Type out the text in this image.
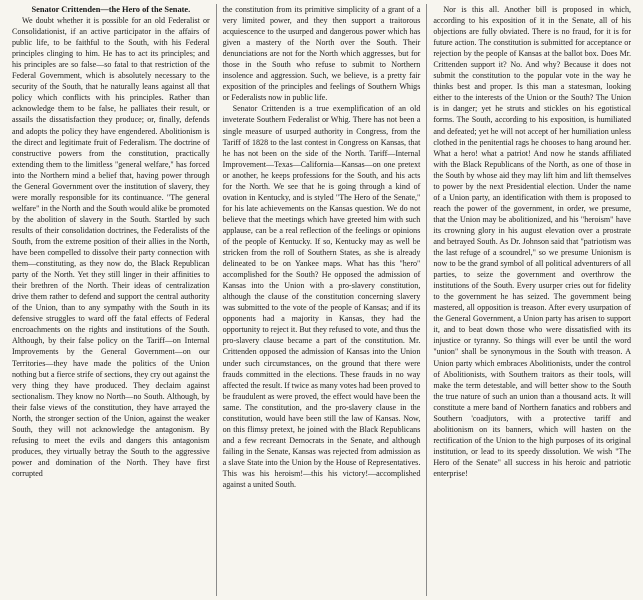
Senator Crittenden—the Hero of the Senate.

We doubt whether it is possible for an old Federalist or Consolidationist, if an active participator in the affairs of public life, to be faithful to the South, with his Federal principles clinging to him. He has to act its principles; and his principles are so false—so fatal to that restriction of the Federal Government, which is absolutely necessary to the security of the South, that he naturally leans against all that policy which conflicts with his principles. Rather than acknowledge them to be false, he palliates their result, or assails the dissatisfaction they produce; or, finally, defends and adopts the policy they have engendered. Abolitionism is the direct and legitimate fruit of Federalism. The doctrine of constructive powers from the constitution, practically extending them to the limitless "general welfare," has forced into the Northern mind a belief that, having power through the General Government over the institution of slavery, they were morally responsible for its continuance. "The general welfare" in the North and the South would alike be promoted by the abolition of slavery in the South. Startled by such results of their consolidation doctrines, the Federalists of the South, from the extreme position of their allies in the North, have been compelled to dissolve their party connection with them—constituting, as they now do, the Black Republican party of the North. Yet they still linger in their affinities to their brethren of the North. Their ideas of centralization drive them rather to defend and support the central authority of the Union, than to any sympathy with the South in its defensive struggles to ward off the fatal effects of Federal encroachments on the rights and institutions of the South. Although, by their false policy on the Tariff—on Internal Improvements by the General Government—on our Territories—they have made the politics of the Union nothing but a fierce strife of sections, they cry out against the very thing they have produced. They declaim against sectionalism. They know no North—no South. Although, by their false views of the constitution, they have arrayed the North, the stronger section of the Union, against the weaker South, they will not acknowledge the antagonism. By refusing to meet the evils and dangers this antagonism produces, they virtually betray the South to the aggressive power and domination of the North. They have first corrupted

the constitution from its primitive simplicity of a grant of a very limited power, and they then support a traitorous acquiescence to the usurped and dangerous power which has given a mastery of the North over the South. Their denunciations are not for the North which aggresses, but for those in the South who refuse to submit to Northern insolence and aggression. Such, we believe, is a pretty fair exposition of the principles and feelings of Southern Whigs or Federalists now in public life.

Senator Crittenden is a true exemplification of an old inveterate Southern Federalist or Whig. There has not been a single measure of usurped authority in Congress, from the Tariff of 1828 to the last contest in Congress on Kansas, that he has not been on the side of the North. Tariff—Internal Improvement—Texas—California—Kansas—on one pretext or another, he keeps professions for the South, and his acts for the North. We see that he is going through a kind of ovation in Kentucky, and is styled "The Hero of the Senate," for his late achievements on the Kansas question. We do not believe that the meetings which have greeted him with such applause, can be a real reflection of the feelings or opinions of the people of Kentucky. If so, Kentucky may as well be stricken from the roll of Southern States, as she is already delineated to be on Yankee maps. What has this "hero" accomplished for the South? He opposed the admission of Kansas into the Union with a pro-slavery constitution, although the clause of the constitution concerning slavery was submitted to the vote of the people of Kansas; and if its opponents had a majority in Kansas, they had the opportunity to reject it. But they refused to vote, and thus the pro-slavery clause became a part of the constitution. Mr. Crittenden opposed the admission of Kansas into the Union under such circumstances, on the ground that there were frauds committed in the elections. These frauds in no way affected the result. If twice as many votes had been proved to be fraudulent as were proved, the effect would have been the same. The constitution, and the pro-slavery clause in the constitution, would have been still the law of Kansas. Now, on this flimsy pretext, he joined with the Black Republicans and a few recreant Democrats in the Senate, and although failing in the Senate, Kansas was rejected from admission as a slave State into the Union by the House of Representatives. This was his heroism!—this his victory!—accomplished against a united South.

Nor is this all. Another bill is proposed in which, according to his exposition of it in the Senate, all of his objections are fully obviated. There is no fraud, for it is for future action. The constitution is submitted for acceptance or rejection by the people of Kansas at the ballot box. Does Mr. Crittenden support it? No. And why? Because it does not submit the constitution to the popular vote in the way he thinks best and proper. Is this man a statesman, looking either to the interests of the Union or the South? The Union is in danger; yet he struts and stickles on his egotistical forms. The South, according to his exposition, is humiliated and defeated; yet he will not accept of her humiliation unless clothed in the penitential rags he chooses to hang around her. What a hero! what a patriot! And now he stands affiliated with the Black Republicans of the North, as one of those in the South by whose aid they may lift him and lift themselves to power by the next Presidential election. Under the name of a Union party, an identification with them is proposed to reach the power of the government, in order, we presume, that the Union may be abolitionized, and his "heroism" have its crowning glory in his august elevation over a prostrate and betrayed South. As Dr. Johnson said that "patriotism was the last refuge of a scoundrel," so we presume Unionism is now to be the grand symbol of all political adventurers of all parties, to seize the government and overthrow the institutions of the South. Every usurper cries out for fidelity to the government he has seized. The government being mastered, all opposition is treason. After every usurpation of the General Government, a Union party has arisen to support it, and to beat down those who were dissatisfied with its injustice or tyranny. So things will ever be until the word "union" shall be synonymous in the South with treason. A Union party which embraces Abolitionists, under the control of Abolitionists, with Southern traitors as their tools, will make the term detestable, and will better show to the South the true nature of such an union than a thousand acts. It will constitute a mere band of Northern fanatics and robbers and Southern 'coadjutors, with a protective tariff and abolitionism on its banners, which will hasten on the rectification of the Union to the high purposes of its original institution, or lead to its speedy dissolution. We wish "The Hero of the Senate" all success in his heroic and patriotic enterprise!
